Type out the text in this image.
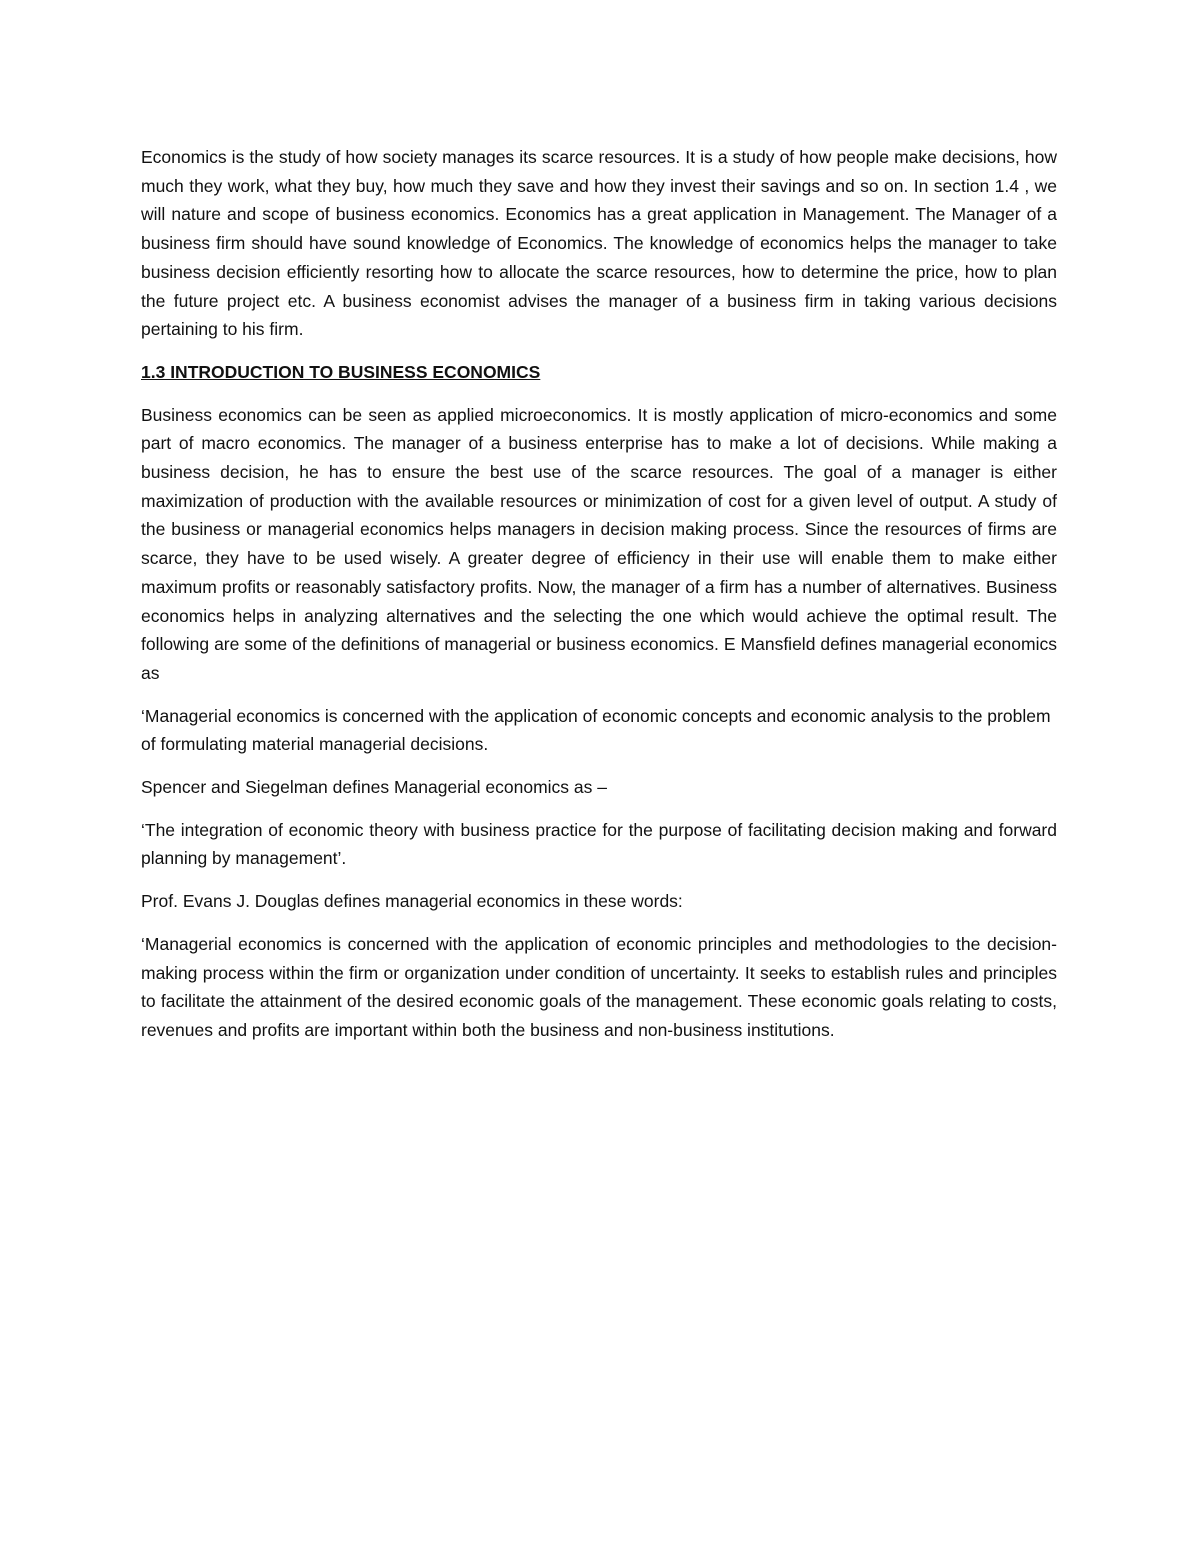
Economics is the study of how society manages its scarce resources. It is a study of how people make decisions, how much they work, what they buy, how much they save and how they invest their savings and so on. In section 1.4 , we will nature and scope of business economics. Economics has a great application in Management. The Manager of a business firm should have sound knowledge of Economics. The knowledge of economics helps the manager to take business decision efficiently resorting how to allocate the scarce resources, how to determine the price, how to plan the future project etc. A business economist advises the manager of a business firm in taking various decisions pertaining to his firm.

1.3 INTRODUCTION TO BUSINESS ECONOMICS

Business economics can be seen as applied microeconomics. It is mostly application of micro-economics and some part of macro economics. The manager of a business enterprise has to make a lot of decisions. While making a business decision, he has to ensure the best use of the scarce resources. The goal of a manager is either maximization of production with the available resources or minimization of cost for a given level of output. A study of the business or managerial economics helps managers in decision making process. Since the resources of firms are scarce, they have to be used wisely. A greater degree of efficiency in their use will enable them to make either maximum profits or reasonably satisfactory profits. Now, the manager of a firm has a number of alternatives. Business economics helps in analyzing alternatives and the selecting the one which would achieve the optimal result. The following are some of the definitions of managerial or business economics. E Mansfield defines managerial economics as

‘Managerial economics is concerned with the application of economic concepts and economic analysis to the problem of formulating material managerial decisions.

Spencer and Siegelman defines Managerial economics as –

‘The integration of economic theory with business practice for the purpose of facilitating decision making and forward planning by management’.

Prof. Evans J. Douglas defines managerial economics in these words:

‘Managerial economics is concerned with the application of economic principles and methodologies to the decision-making process within the firm or organization under condition of uncertainty. It seeks to establish rules and principles to facilitate the attainment of the desired economic goals of the management. These economic goals relating to costs, revenues and profits are important within both the business and non-business institutions.
